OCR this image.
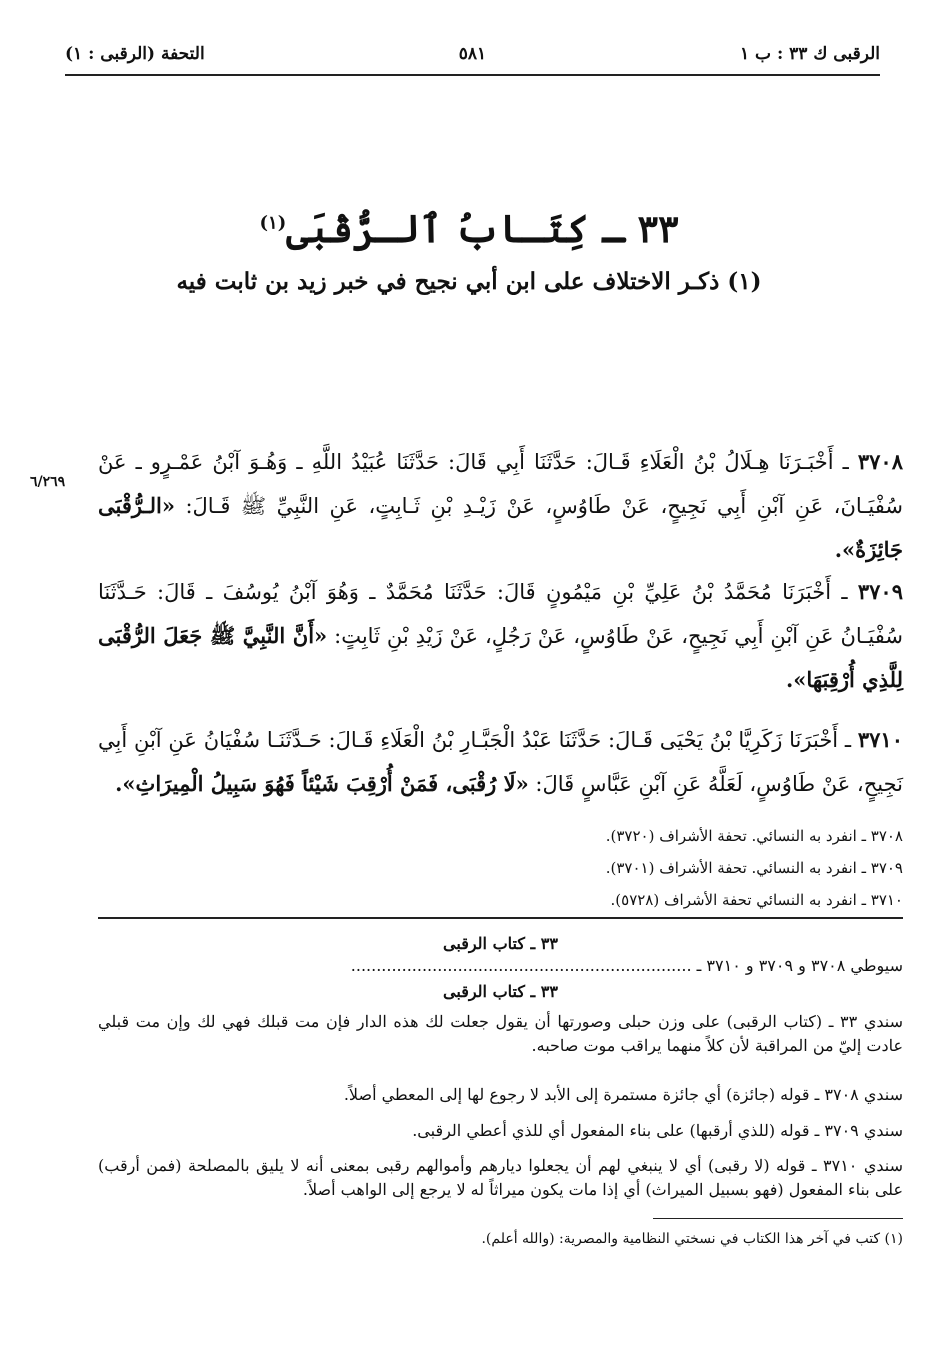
الرقبى ك ٣٣ : ب ١
٥٨١
التحفة (الرقبى : ١)
٣٣ ـ كِتَـابُ ٱلـرُّقْبَى$^{(١)}$
(١) ذكـر الاختلاف على ابن أبي نجيح في خبر زيد بن ثابت فيه
٦/٢٦٩

٣٧٠٨ ـ أَخْبَـرَنَا هِـلَالُ بْنُ الْعَلَاءِ قَـالَ: حَدَّثَنَا أَبِي قَالَ: حَدَّثَنَا عُبَيْدُ اللَّهِ ـ وَهُـوَ آبْنُ عَمْـرٍو ـ عَنْ سُفْيَـانَ، عَنِ آبْنِ أَبِي نَجِيحٍ، عَنْ طَاوُسٍ، عَنْ زَيْـدِ بْنِ ثَـابِتٍ، عَنِ النَّبِيِّ ﷺ قَـالَ: «الـرُّقْبَى جَائِزَةٌ».

٣٧٠٩ ـ أَخْبَرَنَا مُحَمَّدُ بْنُ عَلِيِّ بْنِ مَيْمُونٍ قَالَ: حَدَّثَنَا مُحَمَّدٌ ـ وَهُوَ آبْنُ يُوسُفَ ـ قَالَ: حَـدَّثَنَا سُفْيَـانُ عَنِ آبْنِ أَبِي نَجِيحٍ، عَنْ طَاوُسٍ، عَنْ رَجُلٍ، عَنْ زَيْدِ بْنِ ثَابِتٍ: «أَنَّ النَّبِيَّ ﷺ جَعَلَ الرُّقْبَى لِلَّذِي أُرْقِبَهَا».

٣٧١٠ ـ أَخْبَرَنَا زَكَرِيَّا بْنُ يَحْيَى قَـالَ: حَدَّثَنَا عَبْدُ الْجَبَّـارِ بْنُ الْعَلَاءِ قَـالَ: حَـدَّثَنَـا سُفْيَانُ عَنِ آبْنِ أَبِي نَجِيحٍ، عَنْ طَاوُسٍ، لَعَلَّهُ عَنِ آبْنِ عَبَّاسٍ قَالَ: «لَا رُقْبَى، فَمَنْ أُرْقِبَ شَيْئاً فَهُوَ سَبِيلُ الْمِيرَاثِ».

٣٧٠٨ ـ انفرد به النسائي. تحفة الأشراف (٣٧٢٠).
٣٧٠٩ ـ انفرد به النسائي. تحفة الأشراف (٣٧٠١).
٣٧١٠ ـ انفرد به النسائي تحفة الأشراف (٥٧٢٨).
٣٣ ـ كتاب الرقبى
سيوطي ٣٧٠٨ و ٣٧٠٩ و ٣٧١٠ ـ ...................................................................
٣٣ ـ كتاب الرقبى

سندي ٣٣ ـ (كتاب الرقبى) على وزن حبلى وصورتها أن يقول جعلت لك هذه الدار فإن مت قبلك فهي لك وإن مت قبلي عادت إليّ من المراقبة لأن كلاً منهما يراقب موت صاحبه.

سندي ٣٧٠٨ ـ قوله (جائزة) أي جائزة مستمرة إلى الأبد لا رجوع لها إلى المعطي أصلاً.

سندي ٣٧٠٩ ـ قوله (للذي أرقبها) على بناء المفعول أي للذي أعطي الرقبى.

سندي ٣٧١٠ ـ قوله (لا رقبى) أي لا ينبغي لهم أن يجعلوا ديارهم وأموالهم رقبى بمعنى أنه لا يليق بالمصلحة (فمن أرقب) على بناء المفعول (فهو بسبيل الميراث) أي إذا مات يكون ميراثاً له لا يرجع إلى الواهب أصلاً.

(١) كتب في آخر هذا الكتاب في نسختي النظامية والمصرية: (والله أعلم).
